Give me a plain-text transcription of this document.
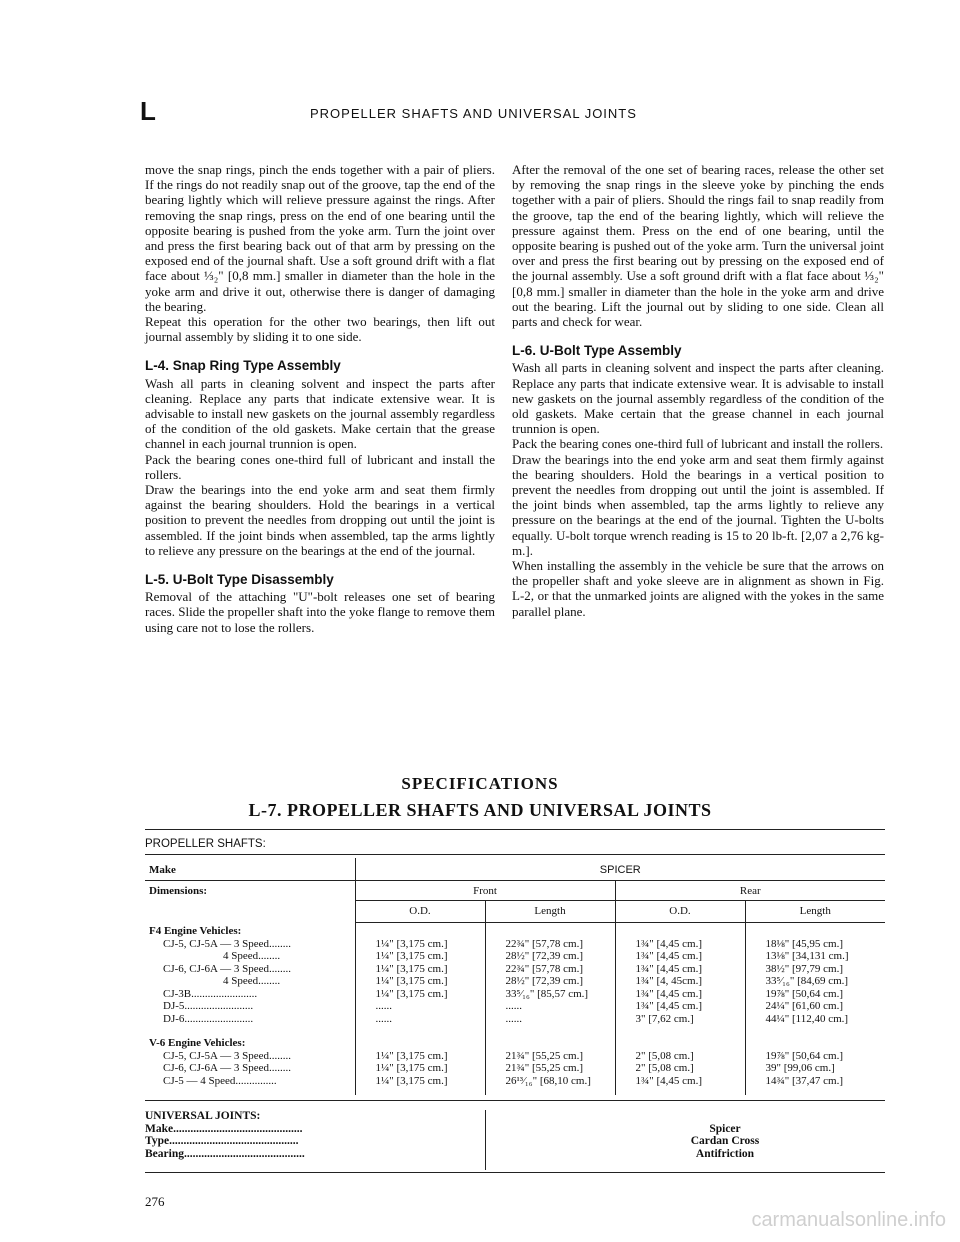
L	PROPELLER SHAFTS AND UNIVERSAL JOINTS

move the snap rings, pinch the ends together with a pair of pliers. If the rings do not readily snap out of the groove, tap the end of the bearing lightly which will relieve pressure against the rings. After removing the snap rings, press on the end of one bearing until the opposite bearing is pushed from the yoke arm. Turn the joint over and press the first bearing back out of that arm by pressing on the exposed end of the journal shaft. Use a soft ground drift with a flat face about ⅓₂" [0,8 mm.] smaller in diameter than the hole in the yoke arm and drive it out, otherwise there is danger of damaging the bearing.

Repeat this operation for the other two bearings, then lift out journal assembly by sliding it to one side.

L-4. Snap Ring Type Assembly

Wash all parts in cleaning solvent and inspect the parts after cleaning. Replace any parts that indicate extensive wear. It is advisable to install new gaskets on the journal assembly regardless of the condition of the old gaskets. Make certain that the grease channel in each journal trunnion is open.

Pack the bearing cones one-third full of lubricant and install the rollers.

Draw the bearings into the end yoke arm and seat them firmly against the bearing shoulders. Hold the bearings in a vertical position to prevent the needles from dropping out until the joint is assembled. If the joint binds when assembled, tap the arms lightly to relieve any pressure on the bearings at the end of the journal.

L-5. U-Bolt Type Disassembly

Removal of the attaching "U"-bolt releases one set of bearing races. Slide the propeller shaft into the yoke flange to remove them using care not to lose the rollers.

After the removal of the one set of bearing races, release the other set by removing the snap rings in the sleeve yoke by pinching the ends together with a pair of pliers. Should the rings fail to snap readily from the groove, tap the end of the bearing lightly, which will relieve the pressure against them. Press on the end of one bearing, until the opposite bearing is pushed out of the yoke arm. Turn the universal joint over and press the first bearing out by pressing on the exposed end of the journal assembly. Use a soft ground drift with a flat face about ⅓₂" [0,8 mm.] smaller in diameter than the hole in the yoke arm and drive out the bearing. Lift the journal out by sliding to one side. Clean all parts and check for wear.

L-6. U-Bolt Type Assembly

Wash all parts in cleaning solvent and inspect the parts after cleaning. Replace any parts that indicate extensive wear. It is advisable to install new gaskets on the journal assembly regardless of the condition of the old gaskets. Make certain that the grease channel in each journal trunnion is open.

Pack the bearing cones one-third full of lubricant and install the rollers.

Draw the bearings into the end yoke arm and seat them firmly against the bearing shoulders. Hold the bearings in a vertical position to prevent the needles from dropping out until the joint is assembled. If the joint binds when assembled, tap the arms lightly to relieve any pressure on the bearings at the end of the journal. Tighten the U-bolts equally. U-bolt torque wrench reading is 15 to 20 lb-ft. [2,07 a 2,76 kg-m.].

When installing the assembly in the vehicle be sure that the arrows on the propeller shaft and yoke sleeve are in alignment as shown in Fig. L-2, or that the unmarked joints are aligned with the yokes in the same parallel plane.

SPECIFICATIONS
L-7. PROPELLER SHAFTS AND UNIVERSAL JOINTS
PROPELLER SHAFTS:
Make	SPICER			
Dimensions:	Front		Rear	
	O.D.	Length	O.D.	Length
F4 Engine Vehicles:				
CJ-5, CJ-5A — 3 Speed........	1¼" [3,175 cm.]	22¾" [57,78 cm.]	1¾" [4,45 cm.]	18⅛" [45,95 cm.]
4 Speed........	1¼" [3,175 cm.]	28½" [72,39 cm.]	1¾" [4,45 cm.]	13⅛" [34,131 cm.]
CJ-6, CJ-6A — 3 Speed........	1¼" [3,175 cm.]	22¾" [57,78 cm.]	1¾" [4,45 cm.]	38½" [97,79 cm.]
4 Speed........	1¼" [3,175 cm.]	28½" [72,39 cm.]	1¾" [4, 45cm.]	33⁵⁄₁₆" [84,69 cm.]
CJ-3B........................	1¼" [3,175 cm.]	33⁵⁄₁₆" [85,57 cm.]	1¾" [4,45 cm.]	19⅞" [50,64 cm.]
DJ-5.........................	......	......	1¾" [4,45 cm.]	24¼" [61,60 cm.]
DJ-6.........................	......	......	3" [7,62 cm.]	44¼" [112,40 cm.]

V-6 Engine Vehicles:				
CJ-5, CJ-5A — 3 Speed........	1¼" [3,175 cm.]	21¾" [55,25 cm.]	2" [5,08 cm.]	19⅞" [50,64 cm.]
CJ-6, CJ-6A — 3 Speed........	1¼" [3,175 cm.]	21¾" [55,25 cm.]	2" [5,08 cm.]	39" [99,06 cm.]
CJ-5 — 4 Speed...............	1¼" [3,175 cm.]	26¹³⁄₁₆" [68,10 cm.]	1¾" [4,45 cm.]	14¾" [37,47 cm.]

UNIVERSAL JOINTS:
Make.............................................	Spicer
Type.............................................	Cardan Cross
Bearing..........................................	Antifriction
276
carmanualsonline.info
